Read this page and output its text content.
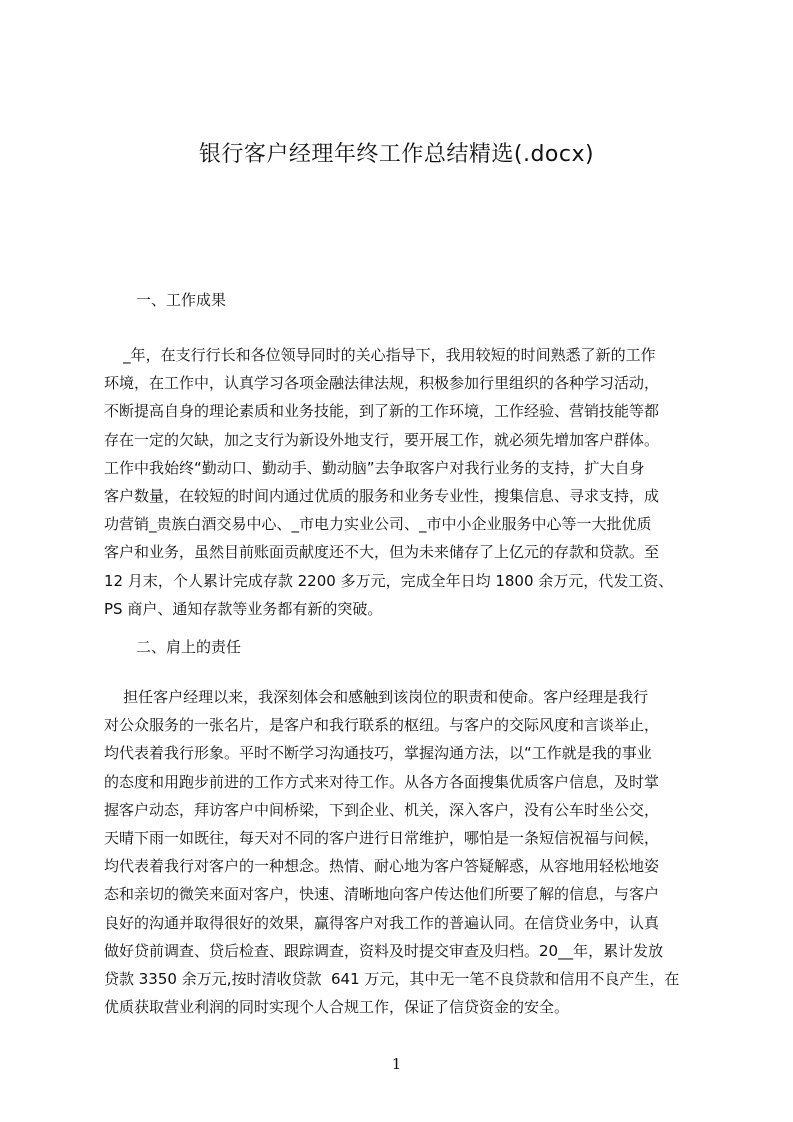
银行客户经理年终工作总结精选(.docx)
一、工作成果
_年，在支行行长和各位领导同时的关心指导下，我用较短的时间熟悉了新的工作
环境，在工作中，认真学习各项金融法律法规，积极参加行里组织的各种学习活动，
不断提高自身的理论素质和业务技能，到了新的工作环境，工作经验、营销技能等都
存在一定的欠缺，加之支行为新设外地支行，要开展工作，就必须先增加客户群体。
工作中我始终“勤动口、勤动手、勤动脑”去争取客户对我行业务的支持，扩大自身
客户数量，在较短的时间内通过优质的服务和业务专业性，搜集信息、寻求支持，成
功营销_贵族白酒交易中心、_市电力实业公司、_市中小企业服务中心等一大批优质
客户和业务，虽然目前账面贡献度还不大，但为未来储存了上亿元的存款和贷款。至
12 月末，个人累计完成存款 2200 多万元，完成全年日均 1800 余万元，代发工资、
PS 商户、通知存款等业务都有新的突破。
二、肩上的责任
担任客户经理以来，我深刻体会和感触到该岗位的职责和使命。客户经理是我行
对公众服务的一张名片，是客户和我行联系的枢纽。与客户的交际风度和言谈举止，
均代表着我行形象。平时不断学习沟通技巧，掌握沟通方法，以“工作就是我的事业
的态度和用跑步前进的工作方式来对待工作。从各方各面搜集优质客户信息，及时掌
握客户动态，拜访客户中间桥梁，下到企业、机关，深入客户，没有公车时坐公交，
天晴下雨一如既往，每天对不同的客户进行日常维护，哪怕是一条短信祝福与问候，
均代表着我行对客户的一种想念。热情、耐心地为客户答疑解惑，从容地用轻松地姿
态和亲切的微笑来面对客户，快速、清晰地向客户传达他们所要了解的信息，与客户
良好的沟通并取得很好的效果，赢得客户对我工作的普遍认同。在信贷业务中，认真
做好贷前调查、贷后检查、跟踪调查，资料及时提交审查及归档。20__年，累计发放
贷款 3350 余万元,按时清收贷款  641 万元，其中无一笔不良贷款和信用不良产生，在
优质获取营业利润的同时实现个人合规工作，保证了信贷资金的安全。
1
